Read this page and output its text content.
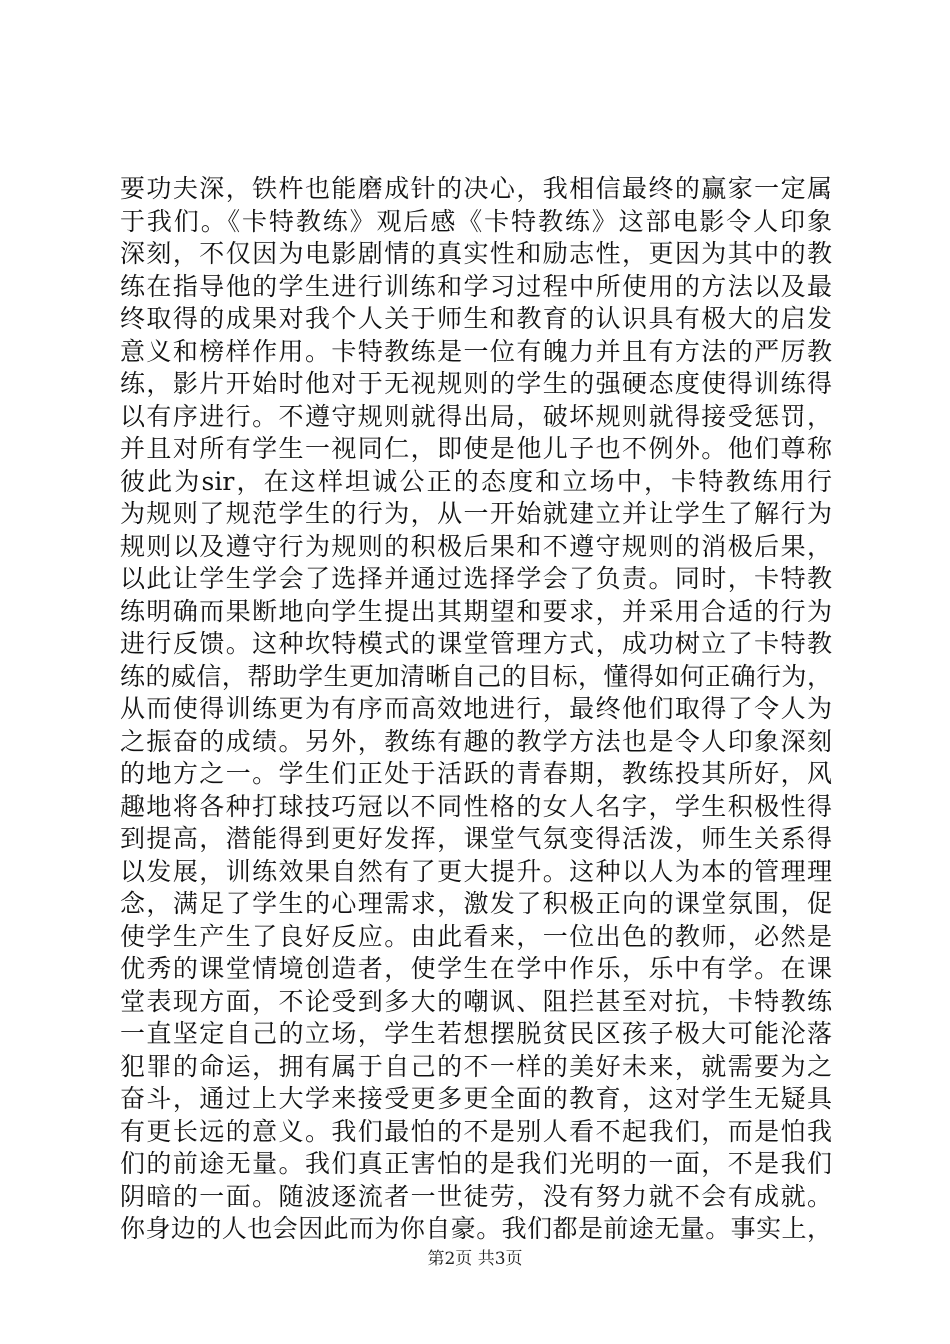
要功夫深，铁杵也能磨成针的决心，我相信最终的赢家一定属
于我们。《卡特教练》观后感《卡特教练》这部电影令人印象
深刻，不仅因为电影剧情的真实性和励志性，更因为其中的教
练在指导他的学生进行训练和学习过程中所使用的方法以及最
终取得的成果对我个人关于师生和教育的认识具有极大的启发
意义和榜样作用。卡特教练是一位有魄力并且有方法的严厉教
练，影片开始时他对于无视规则的学生的强硬态度使得训练得
以有序进行。不遵守规则就得出局，破坏规则就得接受惩罚，
并且对所有学生一视同仁，即使是他儿子也不例外。他们尊称
彼此为sir，在这样坦诚公正的态度和立场中，卡特教练用行
为规则了规范学生的行为，从一开始就建立并让学生了解行为
规则以及遵守行为规则的积极后果和不遵守规则的消极后果，
以此让学生学会了选择并通过选择学会了负责。同时，卡特教
练明确而果断地向学生提出其期望和要求，并采用合适的行为
进行反馈。这种坎特模式的课堂管理方式，成功树立了卡特教
练的威信，帮助学生更加清晰自己的目标，懂得如何正确行为，
从而使得训练更为有序而高效地进行，最终他们取得了令人为
之振奋的成绩。另外，教练有趣的教学方法也是令人印象深刻
的地方之一。学生们正处于活跃的青春期，教练投其所好，风
趣地将各种打球技巧冠以不同性格的女人名字，学生积极性得
到提高，潜能得到更好发挥，课堂气氛变得活泼，师生关系得
以发展，训练效果自然有了更大提升。这种以人为本的管理理
念，满足了学生的心理需求，激发了积极正向的课堂氛围，促
使学生产生了良好反应。由此看来，一位出色的教师，必然是
优秀的课堂情境创造者，使学生在学中作乐，乐中有学。在课
堂表现方面，不论受到多大的嘲讽、阻拦甚至对抗，卡特教练
一直坚定自己的立场，学生若想摆脱贫民区孩子极大可能沦落
犯罪的命运，拥有属于自己的不一样的美好未来，就需要为之
奋斗，通过上大学来接受更多更全面的教育，这对学生无疑具
有更长远的意义。我们最怕的不是别人看不起我们，而是怕我
们的前途无量。我们真正害怕的是我们光明的一面，不是我们
阴暗的一面。随波逐流者一世徒劳，没有努力就不会有成就。
你身边的人也会因此而为你自豪。我们都是前途无量。事实上，
第2页 共3页
